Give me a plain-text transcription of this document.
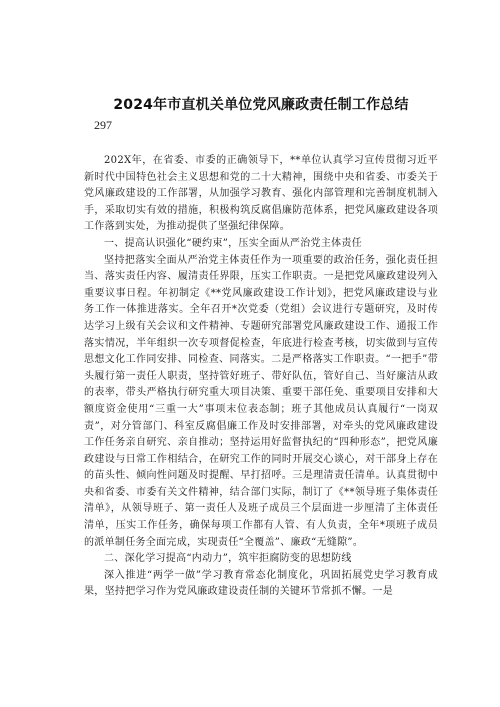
2024年市直机关单位党风廉政责任制工作总结
297

202X年，在省委、市委的正确领导下，**单位认真学习宣传贯彻习近平新时代中国特色社会主义思想和党的二十大精神，围绕中央和省委、市委关于党风廉政建设的工作部署，从加强学习教育、强化内部管理和完善制度机制入手，采取切实有效的措施，积极构筑反腐倡廉防范体系，把党风廉政建设各项工作落到实处，为推动提供了坚强纪律保障。

一、提高认识强化“硬约束”，压实全面从严治党主体责任

坚持把落实全面从严治党主体责任作为一项重要的政治任务，强化责任担当、落实责任内容、履清责任界限，压实工作职责。一是把党风廉政建设列入重要议事日程。年初制定《**党风廉政建设工作计划》，把党风廉政建设与业务工作一体推进落实。全年召开*次党委（党组）会议进行专题研究，及时传达学习上级有关会议和文件精神、专题研究部署党风廉政建设工作、通报工作落实情况，半年组织一次专项督促检查，年底进行检查考核，切实做到与宣传思想文化工作同安排、同检查、同落实。二是严格落实工作职责。“一把手”带头履行第一责任人职责，坚持管好班子、带好队伍，管好自己、当好廉洁从政的表率，带头严格执行研究重大项目决策、重要干部任免、重要项目安排和大额度资金使用“三重一大”事项末位表态制；班子其他成员认真履行“一岗双责”，对分管部门、科室反腐倡廉工作及时安排部署，对牵头的党风廉政建设工作任务亲自研究、亲自推动；坚持运用好监督执纪的“四种形态”，把党风廉政建设与日常工作相结合，在研究工作的同时开展交心谈心，对干部身上存在的苗头性、倾向性问题及时提醒、早打招呼。三是理清责任清单。认真贯彻中央和省委、市委有关文件精神，结合部门实际，制订了《**领导班子集体责任清单》，从领导班子、第一责任人及班子成员三个层面进一步厘清了主体责任清单，压实工作任务，确保每项工作都有人管、有人负责，全年*项班子成员的派单制任务全面完成，实现责任“全覆盖”、廉政“无缝隙”。

二、深化学习提高“内动力”，筑牢拒腐防变的思想防线

深入推进“两学一做”学习教育常态化制度化，巩固拓展党史学习教育成果，坚持把学习作为党风廉政建设责任制的关键环节常抓不懈。一是
